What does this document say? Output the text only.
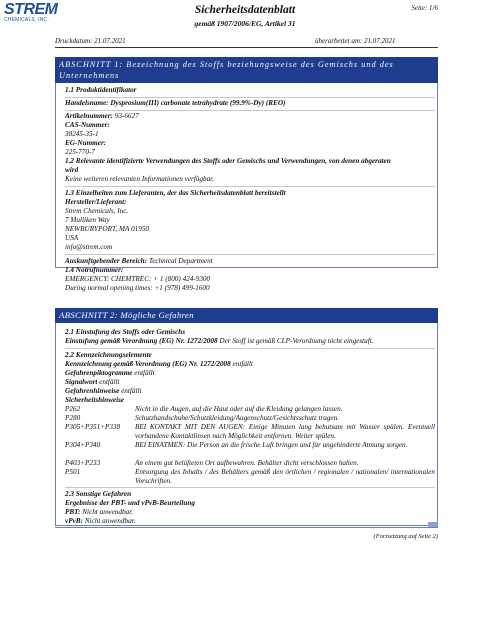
STREM
CHEMICALS, INC.
Sicherheitsdatenblatt
gemäß 1907/2006/EG, Artikel 31
Seite: 1/6
Druckdatum: 21.07.2021	überarbeitet am: 21.07.2021
ABSCHNITT 1: Bezeichnung des Stoffs beziehungsweise des Gemischs und des Unternehmens
1.1 Produktidentifikator
Handelsname: Dysprosium(III) carbonate tetrahydrate (99.9%-Dy) (REO)
Artikelnummer: 93-6627
CAS-Nummer:
38245-35-1
EG-Nummer:
225-770-7
1.2 Relevante identifizierte Verwendungen des Stoffs oder Gemischs und Verwendungen, von denen abgeraten
wird
Keine weiteren relevanten Informationen verfügbar.
1.3 Einzelheiten zum Lieferanten, der das Sicherheitsdatenblatt bereitstellt
Hersteller/Lieferant:
Strem Chemicals, Inc.
7 Mulliken Way
NEWBURYPORT, MA 01950
USA
info@strem.com
Auskunftgebender Bereich: Technical Department
1.4 Notrufnummer:
EMERGENCY: CHEMTREC: + 1 (800) 424-9300
During normal opening times: +1 (978) 499-1600
ABSCHNITT 2: Mögliche Gefahren
2.1 Einstufung des Stoffs oder Gemischs
Einstufung gemäß Verordnung (EG) Nr. 1272/2008 Der Stoff ist gemäß CLP-Verordnung nicht eingestuft.
2.2 Kennzeichnungselemente
Kennzeichnung gemäß Verordnung (EG) Nr. 1272/2008 entfällt
Gefahrenpiktogramme entfällt
Signalwort entfällt
Gefahrenhinweise entfällt
Sicherheitshinweise
P262	Nicht in die Augen, auf die Haut oder auf die Kleidung gelangen lassen.
P280	Schutzhandschuhe/Schutzkleidung/Augenschutz/Gesichtsschutz tragen.
P305+P351+P338	BEI KONTAKT MIT DEN AUGEN: Einige Minuten lang behutsam mit Wasser spülen. Eventuell vorhandene Kontaktlinsen nach Möglichkeit entfernen. Weiter spülen.
P304+P340	BEI EINATMEN: Die Person an die frische Luft bringen und für ungehinderte Atmung sorgen.
P403+P233	An einem gut belüfteten Ort aufbewahren. Behälter dicht verschlossen halten.
P501	Entsorgung des Inhalts / des Behälters gemäß den örtlichen / regionalen / nationalen/ internationalen Vorschriften.
2.3 Sonstige Gefahren
Ergebnisse der PBT- und vPvB-Beurteilung
PBT: Nicht anwendbar.
vPvB: Nicht anwendbar.
(Fortsetzung auf Seite 2)
